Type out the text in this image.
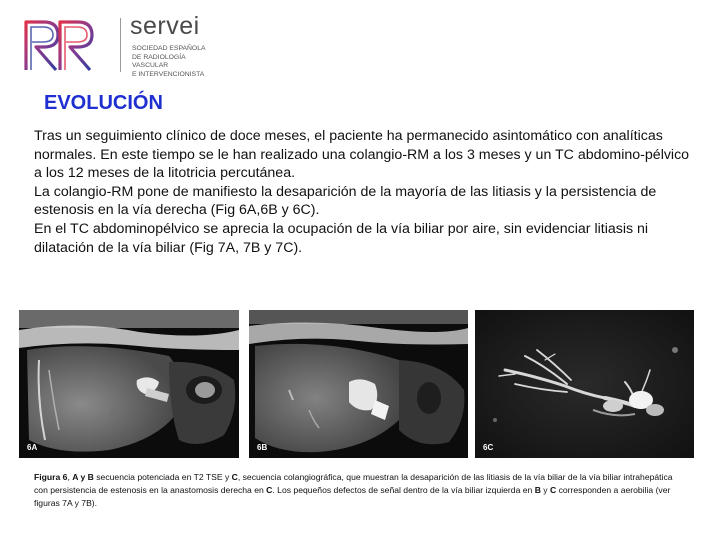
servei
SOCIEDAD ESPAÑOLA
DE RADIOLOGÍA
VASCULAR
E INTERVENCIONISTA
EVOLUCIÓN

Tras un seguimiento clínico de doce meses, el paciente ha permanecido asintomático con analíticas normales. En este tiempo se le han realizado una colangio-RM a los 3 meses y un TC abdomino-pélvico a los 12 meses de la litotricia percutánea.

La colangio-RM pone de manifiesto la desaparición de la mayoría de las litiasis y la persistencia de estenosis en la vía derecha (Fig 6A,6B y 6C).

En el TC abdominopélvico se aprecia la ocupación de la vía biliar por aire, sin evidenciar litiasis ni dilatación de la vía biliar (Fig 7A, 7B y 7C).

6A	6B	6C
Figura 6, A y B secuencia potenciada en T2 TSE y C, secuencia colangiográfica, que muestran la desaparición de las litiasis de la vía biliar de la vía biliar intrahepática con persistencia de estenosis en la anastomosis derecha en C. Los pequeños defectos de señal dentro de la vía biliar izquierda en B y C corresponden a aerobilia (ver figuras 7A y 7B).
